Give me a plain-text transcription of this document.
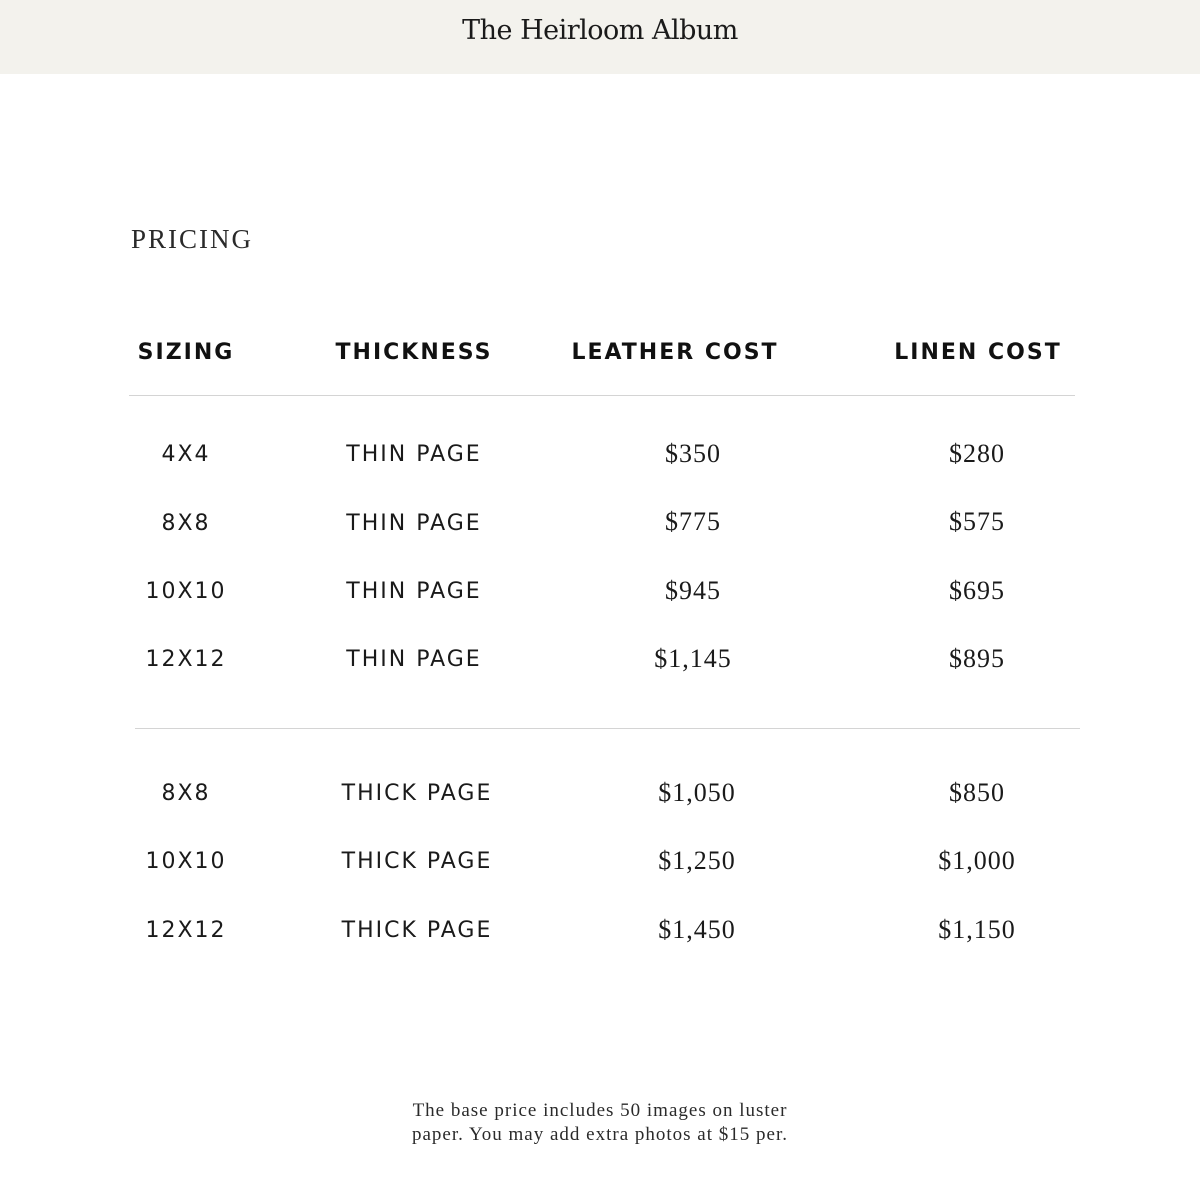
The Heirloom Album
PRICING
SIZING	THICKNESS	LEATHER COST	LINEN COST
4X4	THIN PAGE	$350	$280
8X8	THIN PAGE	$775	$575
10X10	THIN PAGE	$945	$695
12X12	THIN PAGE	$1,145	$895
8X8	THICK PAGE	$1,050	$850
10X10	THICK PAGE	$1,250	$1,000
12X12	THICK PAGE	$1,450	$1,150
The base price includes 50 images on luster
paper. You may add extra photos at $15 per.
